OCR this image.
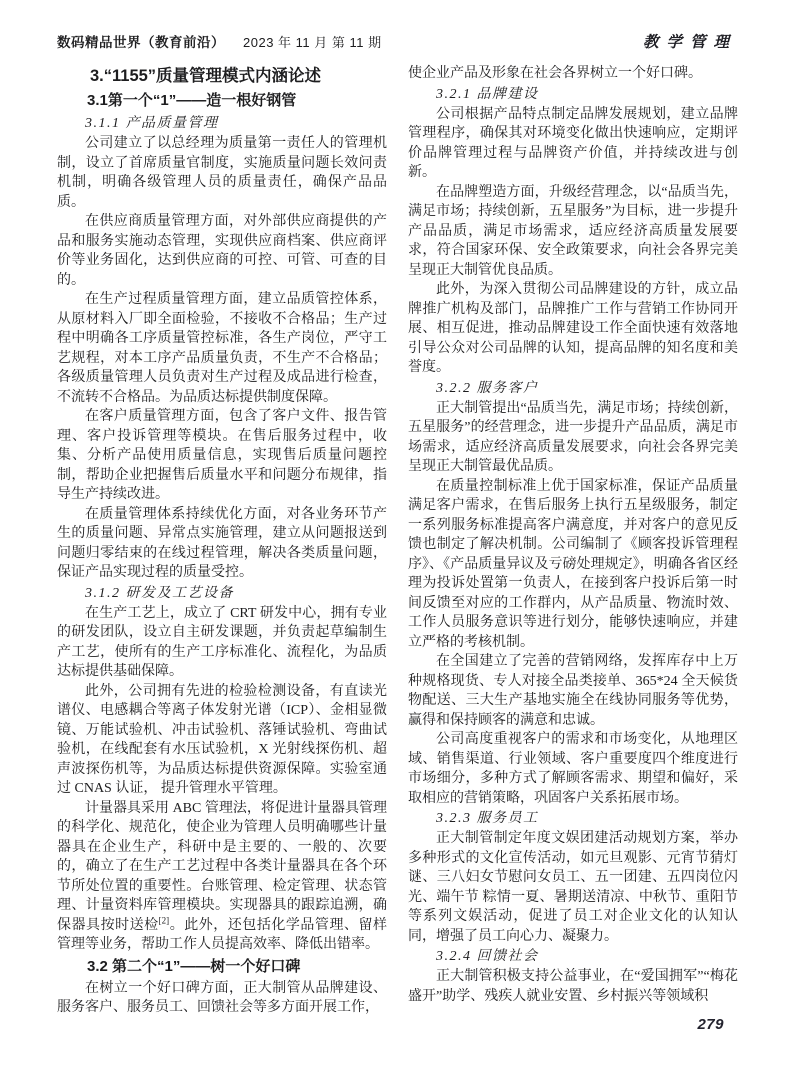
数码精品世界（教育前沿） 2023 年 11 月 第 11 期	教学管理

3.“1155”质量管理模式内涵论述

3.1第一个“1”——造一根好钢管

3.1.1 产品质量管理

公司建立了以总经理为质量第一责任人的管理机制，设立了首席质量官制度，实施质量问题长效问责机制，明确各级管理人员的质量责任，确保产品品质。

在供应商质量管理方面，对外部供应商提供的产品和服务实施动态管理，实现供应商档案、供应商评价等业务固化，达到供应商的可控、可管、可查的目的。

在生产过程质量管理方面，建立品质管控体系，从原材料入厂即全面检验，不接收不合格品；生产过程中明确各工序质量管控标准，各生产岗位，严守工艺规程，对本工序产品质量负责，不生产不合格品；各级质量管理人员负责对生产过程及成品进行检查，不流转不合格品。为品质达标提供制度保障。

在客户质量管理方面，包含了客户文件、报告管理、客户投诉管理等模块。在售后服务过程中，收集、分析产品使用质量信息，实现售后质量问题控制，帮助企业把握售后质量水平和问题分布规律，指导生产持续改进。

在质量管理体系持续优化方面，对各业务环节产生的质量问题、异常点实施管理，建立从问题报送到问题归零结束的在线过程管理，解决各类质量问题，保证产品实现过程的质量受控。

3.1.2 研发及工艺设备

在生产工艺上，成立了 CRT 研发中心，拥有专业的研发团队，设立自主研发课题，并负责起草编制生产工艺，使所有的生产工序标准化、流程化，为品质达标提供基础保障。

此外，公司拥有先进的检验检测设备，有直读光谱仪、电感耦合等离子体发射光谱（ICP）、金相显微镜、万能试验机、冲击试验机、落锤试验机、弯曲试验机，在线配套有水压试验机，X 光射线探伤机、超声波探伤机等，为品质达标提供资源保障。实验室通过 CNAS 认证， 提升管理水平管理。

计量器具采用 ABC 管理法，将促进计量器具管理的科学化、规范化，使企业为管理人员明确哪些计量器具在企业生产，科研中是主要的、一般的、次要的，确立了在生产工艺过程中各类计量器具在各个环节所处位置的重要性。台账管理、检定管理、状态管理、计量资料库管理模块。实现器具的跟踪追溯，确保器具按时送检[2]。此外，还包括化学品管理、留样管理等业务，帮助工作人员提高效率、降低出错率。

3.2 第二个“1”——树一个好口碑

在树立一个好口碑方面，正大制管从品牌建设、服务客户、服务员工、回馈社会等多方面开展工作，

使企业产品及形象在社会各界树立一个好口碑。

3.2.1 品牌建设

公司根据产品特点制定品牌发展规划，建立品牌管理程序，确保其对环境变化做出快速响应，定期评价品牌管理过程与品牌资产价值，并持续改进与创新。

在品牌塑造方面，升级经营理念，以“品质当先，满足市场；持续创新，五星服务”为目标，进一步提升产品品质，满足市场需求，适应经济高质量发展要求，符合国家环保、安全政策要求，向社会各界完美呈现正大制管优良品质。

此外，为深入贯彻公司品牌建设的方针，成立品牌推广机构及部门，品牌推广工作与营销工作协同开展、相互促进，推动品牌建设工作全面快速有效落地引导公众对公司品牌的认知，提高品牌的知名度和美誉度。

3.2.2 服务客户

正大制管提出“品质当先，满足市场；持续创新，五星服务”的经营理念，进一步提升产品品质，满足市场需求，适应经济高质量发展要求，向社会各界完美呈现正大制管最优品质。

在质量控制标准上优于国家标准，保证产品质量满足客户需求，在售后服务上执行五星级服务，制定一系列服务标准提高客户满意度，并对客户的意见反馈也制定了解决机制。公司编制了《顾客投诉管理程序》、《产品质量异议及亏磅处理规定》，明确各省区经理为投诉处置第一负责人，在接到客户投诉后第一时间反馈至对应的工作群内，从产品质量、物流时效、工作人员服务意识等进行划分，能够快速响应，并建立严格的考核机制。

在全国建立了完善的营销网络，发挥库存中上万种规格现货、专人对接全品类接单、365*24 全天候货物配送、三大生产基地实施全在线协同服务等优势，赢得和保持顾客的满意和忠诚。

公司高度重视客户的需求和市场变化，从地理区域、销售渠道、行业领域、客户重要度四个维度进行市场细分，多种方式了解顾客需求、期望和偏好，采取相应的营销策略，巩固客户关系拓展市场。

3.2.3 服务员工

正大制管制定年度文娱团建活动规划方案，举办多种形式的文化宣传活动，如元旦观影、元宵节猜灯谜、三八妇女节慰问女员工、五一团建、五四岗位闪光、端午节 粽情一夏、暑期送清凉、中秋节、重阳节等系列文娱活动，促进了员工对企业文化的认知认同，增强了员工向心力、凝聚力。

3.2.4 回馈社会

正大制管积极支持公益事业，在“爱国拥军”“梅花盛开”助学、残疾人就业安置、乡村振兴等领域积

279
